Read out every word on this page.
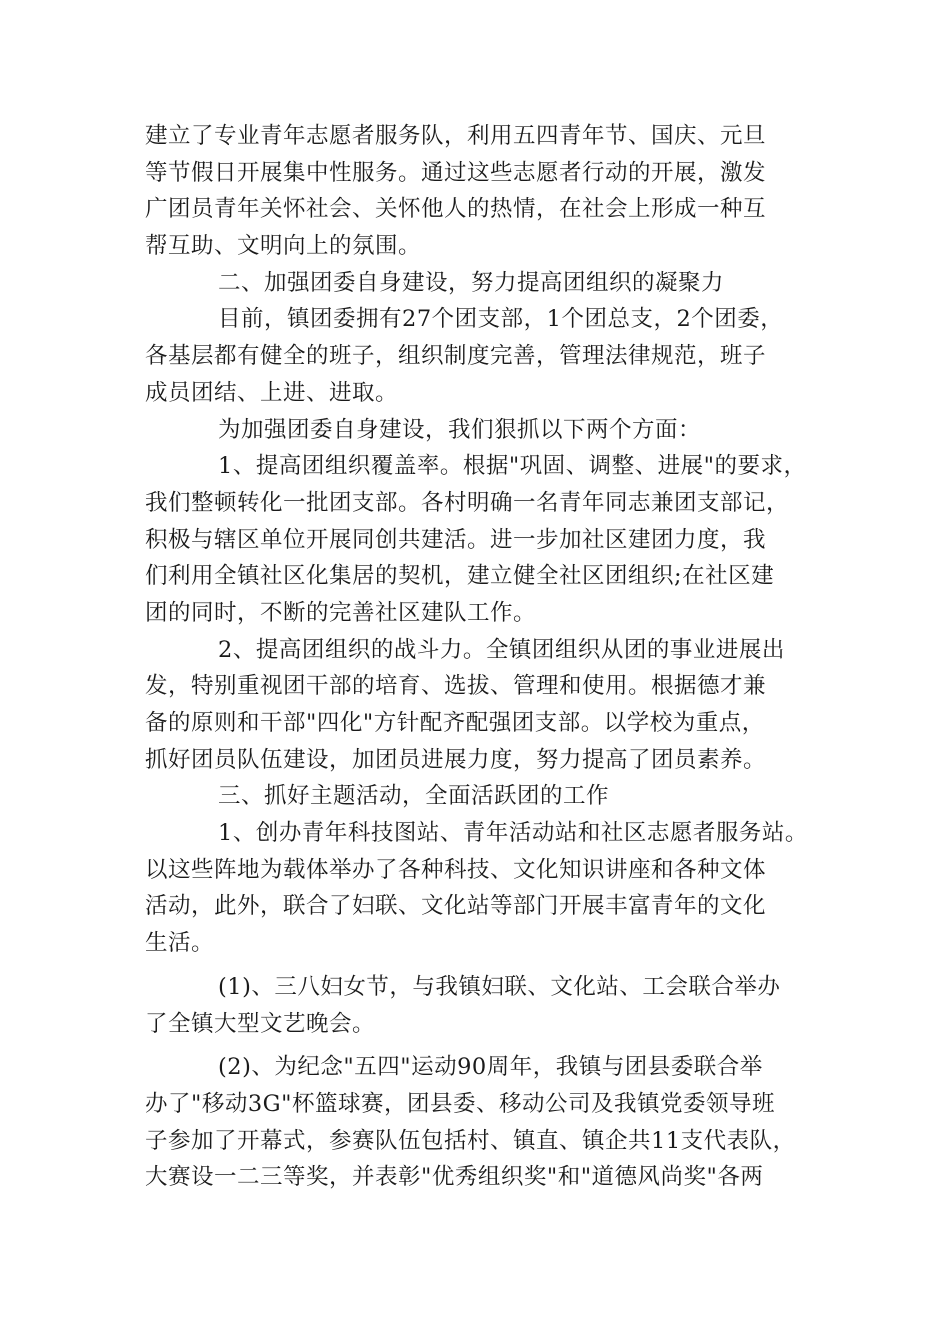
建立了专业青年志愿者服务队，利用五四青年节、国庆、元旦
等节假日开展集中性服务。通过这些志愿者行动的开展，激发
广团员青年关怀社会、关怀他人的热情，在社会上形成一种互
帮互助、文明向上的氛围。
二、加强团委自身建设，努力提高团组织的凝聚力
目前，镇团委拥有27个团支部，1个团总支，2个团委，
各基层都有健全的班子，组织制度完善，管理法律规范，班子
成员团结、上进、进取。
为加强团委自身建设，我们狠抓以下两个方面：
1、提高团组织覆盖率。根据"巩固、调整、进展"的要求，
我们整顿转化一批团支部。各村明确一名青年同志兼团支部记，
积极与辖区单位开展同创共建活。进一步加社区建团力度，我
们利用全镇社区化集居的契机，建立健全社区团组织;在社区建
团的同时，不断的完善社区建队工作。
2、提高团组织的战斗力。全镇团组织从团的事业进展出
发，特别重视团干部的培育、选拔、管理和使用。根据德才兼
备的原则和干部"四化"方针配齐配强团支部。以学校为重点，
抓好团员队伍建设，加团员进展力度，努力提高了团员素养。
三、抓好主题活动，全面活跃团的工作
1、创办青年科技图站、青年活动站和社区志愿者服务站。
以这些阵地为载体举办了各种科技、文化知识讲座和各种文体
活动，此外，联合了妇联、文化站等部门开展丰富青年的文化
生活。
(1)、三八妇女节，与我镇妇联、文化站、工会联合举办
了全镇大型文艺晚会。
(2)、为纪念"五四"运动90周年，我镇与团县委联合举
办了"移动3G"杯篮球赛，团县委、移动公司及我镇党委领导班
子参加了开幕式，参赛队伍包括村、镇直、镇企共11支代表队，
大赛设一二三等奖，并表彰"优秀组织奖"和"道德风尚奖"各两
